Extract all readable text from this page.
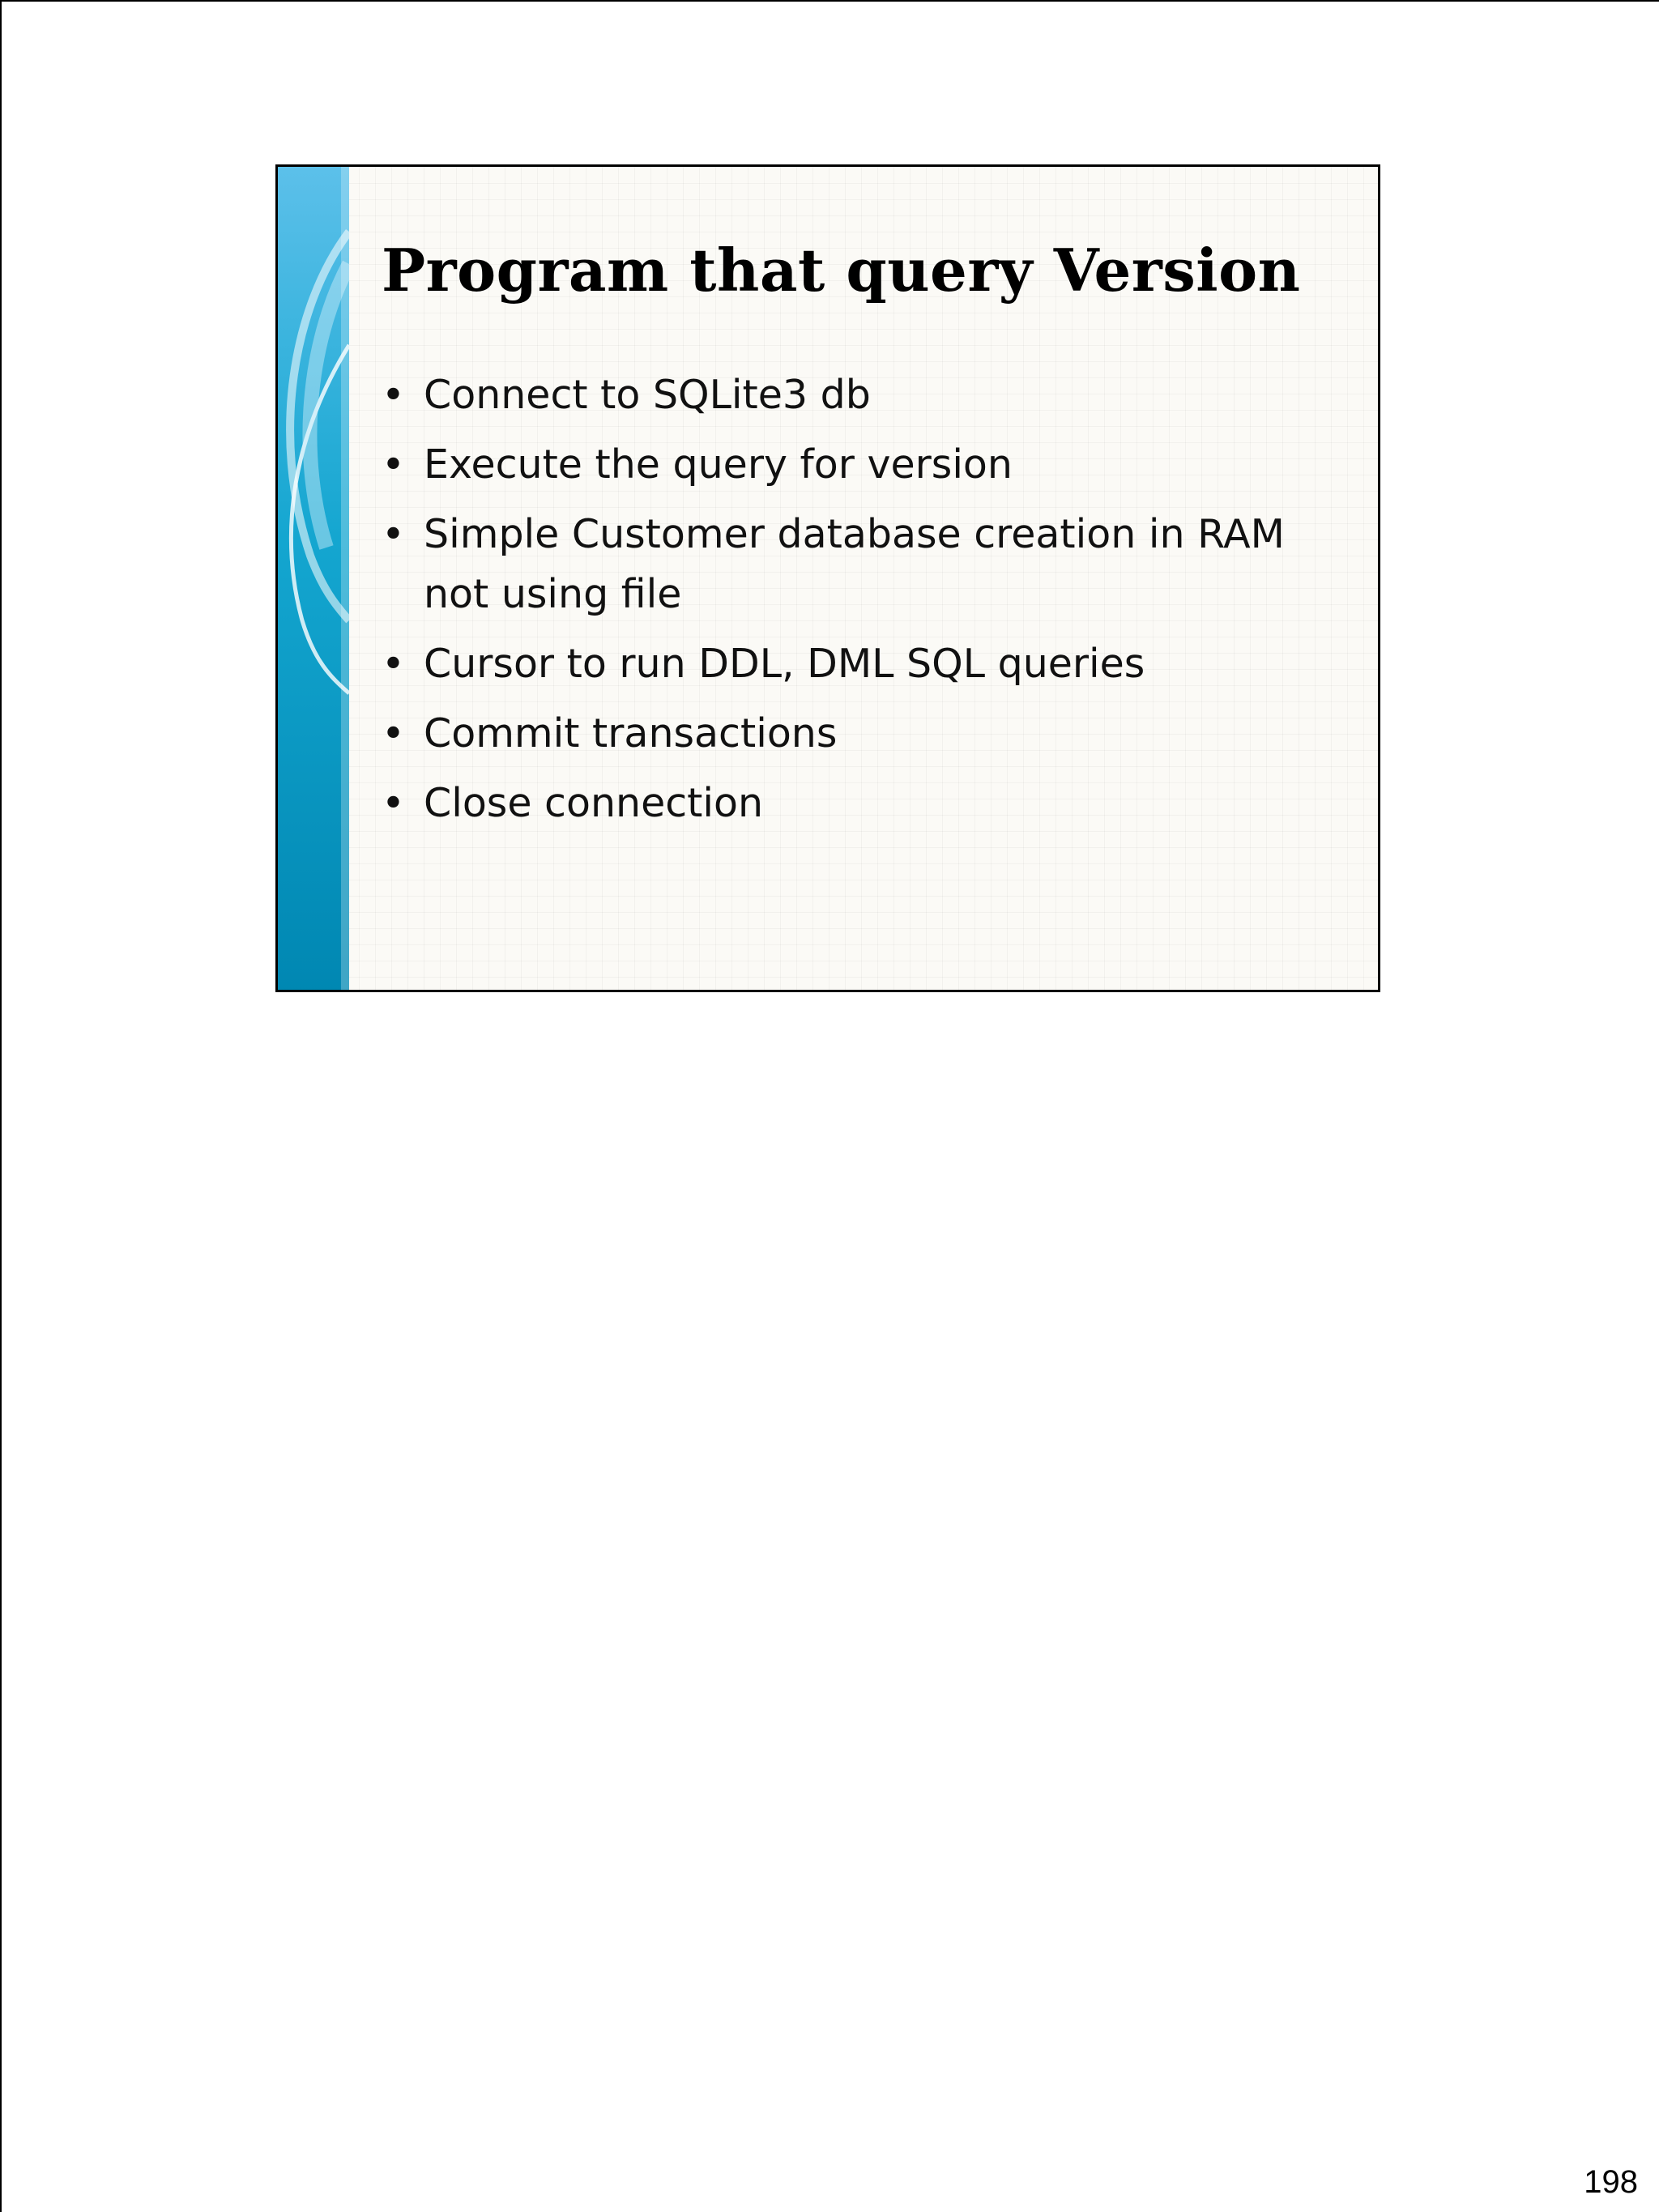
Program that query Version
• Connect to SQLite3 db
• Execute the query for version
• Simple Customer database creation in RAM not using file
• Cursor to run DDL, DML SQL queries
• Commit transactions
• Close connection
198
